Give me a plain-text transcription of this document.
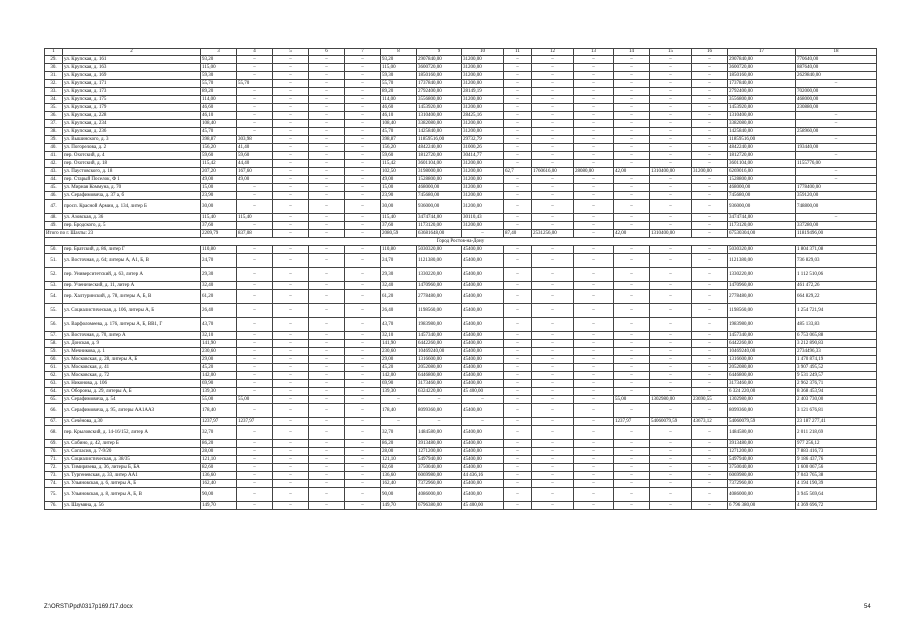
1	2	3	4	5	6	7	8	9	10	11	12	13	14	15	16	17	18
29.	ул. Крупская, д. 161	93,20	–	–	–	–	93,20	2907840,00	31200,00	–	–	–	–	–	–	2907840,00	770640,00
30.	ул. Крупская, д. 163	115,00	–	–	–	–	115,00	3600720,00	31200,00	–	–	–	–	–	–	3600720,00	887640,00
31.	ул. Крупская, д. 169	59,30	–	–	–	–	59,30	1850160,00	31200,00	–	–	–	–	–	–	1850160,00	2629840,00
32.	ул. Крупская, д. 171	55,70	55,70	–	–	–	55,70	1737840,00	31200,00	–	–	–	–	–	–	1737840,00	–
33.	ул. Крупская, д. 173	89,20	–	–	–	–	89,20	2792400,00	28149,19	–	–	–	–	–	–	2792400,00	702000,00
34.	ул. Крупская, д. 175	114,00	–	–	–	–	114,00	3556800,00	31200,00	–	–	–	–	–	–	3556800,00	468000,00
35.	ул. Крупская, д. 179	46,60	–	–	–	–	46,60	1453920,00	31200,00	–	–	–	–	–	–	1453920,00	230880,00
36.	ул. Крупская, д. 228	46,10	–	–	–	–	46,10	1310400,00	28425,16	–	–	–	–	–	–	1310400,00	–
37.	ул. Крупская, д. 234	108,40	–	–	–	–	108,40	3382080,00	31200,00	–	–	–	–	–	–	3382080,00	–
38.	ул. Крупская, д. 236	45,70	–	–	–	–	45,70	1425840,00	31200,00	–	–	–	–	–	–	1425840,00	258960,00
39.	ул. Вышинского, д. 3	398,87	303,98	–	–	–	398,87	11859516,00	29732,79	–	–	–	–	–	–	11859516,00	–
40.	ул. Погорелова, д. 2	156,20	41,40	–	–	–	156,20	4842240,00	31000,26	–	–	–	–	–	–	4842240,00	193440,00
41.	пер. Охотский, д. 4	59,60	59,60	–	–	–	59,60	1812720,00	30414,77	–	–	–	–	–	–	1812720,00	–
42.	пер. Охотский, д. 18	115,42	44,40	–	–	–	115,42	3601104,00	31200,00	–	–	–	–	–	–	3601104,00	1155776,00
43.	ул. Паустовского, д. 18	207,20	167,60	–	–	–	102,50	3198000,00	31200,00	62,7	1760616,00	28080,00	42,00	1310400,00	31200,00	6269016,00	–
44.	пер. Старый Поселок, Ф 1	49,00	49,00	–	–	–	49,00	1528800,00	31200,00	–	–	–	–	–	–	1528800,00	–
45.	ул. Мирная Коммуна, д. 70	15,00	–	–	–	–	15,00	468000,00	31200,00	–	–	–	–	–	–	468000,00	1778400,00
46.	ул. Серафимовича, д. 37 а, б	23,90	–	–	–	–	23,90	745680,00	31200,00	–	–	–	–	–	–	745680,00	359120,00
47.	просп. Красной Армии, д. 134, литер Б	30,00	–	–	–	–	30,00	936000,00	31200,00	–	–	–	–	–	–	936000,00	748800,00
48.	ул. Азовская, д. 36	115,40	115,40	–	–	–	115,40	3474744,00	30110,43	–	–	–	–	–	–	3474744,00	–
49.	пер. Бродского, д. 5	37,60	–	–	–	–	37,60	1173120,00	31200,00	–	–	–	–	–	–	1173120,00	337280,00
Итого по г. Шахты: 23		2209,79	837,08	–	–	–	2080,59	63681648,00	–	87,40	2531256,00	–	42,00	1310400,00	–	67530304,00	11819496,00
Город Ростов-на-Дону																	
50.	пер. Братский, д. 86, литер Г	110,80	–	–	–	–	110,80	5030320,00	45400,00	–	–	–	–	–	–	5030320,00	1 804 371,08
51.	ул. Восточная, д. 64; литеры А, А1, Б, В	24,70	–	–	–	–	24,70	1121380,00	45400,00	–	–	–	–	–	–	1121380,00	736 829,03
52.	пер. Университетский, д. 63, литер А	29,30	–	–	–	–	29,30	1330220,00	45400,00	–	–	–	–	–	–	1330220,00	1 112 510,06
53.	пер. Ученический, д. 11, литер А	32,40	–	–	–	–	32,40	1470960,00	45400,00	–	–	–	–	–	–	1470960,00	461 472,26
54.	пер. Халтуринский, д. 78, литеры А, Б, В	61,20	–	–	–	–	61,20	2778480,00	45400,00	–	–	–	–	–	–	2778480,00	664 829,22
55.	ул. Социалистическая, д. 106, литеры А, Б	26,40	–	–	–	–	26,40	1198560,00	45400,00	–	–	–	–	–	–	1198560,00	1 254 721,94
56.	ул. Варфоломеева, д. 176, литеры А, Б, ВВ1, Г	43,70	–	–	–	–	43,70	1983980,00	45400,00	–	–	–	–	–	–	1983980,00	485 133,83
57.	ул. Восточная, д. 70, литер А	32,10	–	–	–	–	32,10	1457340,00	45400,00	–	–	–	–	–	–	1457340,00	6 753 065,88
58.	ул. Донская, д. 9	141,90	–	–	–	–	141,90	6442260,00	45400,00	–	–	–	–	–	–	6442260,00	3 212 890,83
59.	ул. Мечникова, д. 1	230,60	–	–	–	–	230,60	10469240,00	45400,00	–	–	–	–	–	–	10469240,00	2734496,33
60.	ул. Московская, д. 28, литеры А, Б	29,00	–	–	–	–	29,00	1316600,00	45400,00	–	–	–	–	–	–	1316600,00	1 470 874,19
61.	ул. Московская, д. 41	45,20	–	–	–	–	45,20	2052080,00	45400,00	–	–	–	–	–	–	2052080,00	3 907 495,52
62.	ул. Московская, д. 72	142,00	–	–	–	–	142,00	6446800,00	45400,00	–	–	–	–	–	–	6446800,00	9 531 249,57
63.	ул. Никонова, д. 106	69,90	–	–	–	–	69,90	3173460,00	45400,00	–	–	–	–	–	–	3173460,00	2 962 376,71
64.	ул. Обороны, д. 29, литеры А, Б	139,30	–	–	–	–	139,30	6324220,00	45 400,00	–	–	–	–	–	–	6 324 220,00	8 368 453,94
65.	ул. Серафимовича, д. 54	55,00	55,00	–	–	–	–	–	–	–	–	–	55,00	1302980,00	23690,55	1302980,00	2 403 730,00
66.	ул. Серафимовича, д. 95, литеры АА1ААЗ	178,40	–	–	–	–	178,40	8099360,00	45400,00	–	–	–	–	–	–	8099360,00	3 121 676,81
67.	ул. Сечёнова, д.30	1237,97	1237,97	–	–	–	–	–	–	–	–	–	1237,97	54060079,59	43673,12	54060079,59	23 187 277,41
68.	пер. Крыловский, д. 14-16/152, литер А	32,70	–	–	–	–	32,70	1484580,00	45400,00	–	–	–	–	–	–	1484580,00	2 011 218,69
69.	ул. Собино, д. 42, литер Б	86,20	–	–	–	–	86,20	3913480,00	45400,00	–	–	–	–	–	–	3913480,00	977 256,12
70.	ул. Согласия, д. 7-9/20	28,00	–	–	–	–	28,00	1271200,00	45400,00	–	–	–	–	–	–	1271200,00	7 883 416,73
71.	ул. Социалистическая, д. 38/35	121,10	–	–	–	–	121,10	5497940,00	45400,00	–	–	–	–	–	–	5497940,00	9 186 437,76
72.	ул. Тимирязева, д. 36, литеры Б, БА	82,60	–	–	–	–	82,60	3750040,00	45400,00	–	–	–	–	–	–	3750040,00	1 600 067,56
73.	ул. Тургеневская, д. 33, литер АА1	136,60	–	–	–	–	136,60	6069980,00	44 436,16	–	–	–	–	–	–	6069980,00	7 043 765,38
74.	ул. Ульяновская, д. 6, литеры А, Б	162,40	–	–	–	–	162,40	7372960,00	45400,00	–	–	–	–	–	–	7372960,00	4 194 190,39
75.	ул. Ульяновская, д. 8, литеры А, Б, В	90,00	–	–	–	–	90,00	4086000,00	45400,00	–	–	–	–	–	–	4086000,00	3 945 569,64
76.	ул. Шаумяна, д. 56	149,70	–	–	–	–	149,70	6796380,00	45 400,00	–	–	–	–	–	–	6 796 380,00	4 369 696,72
Z:\ORST\Ppd\0317p169.f17.docx	54
